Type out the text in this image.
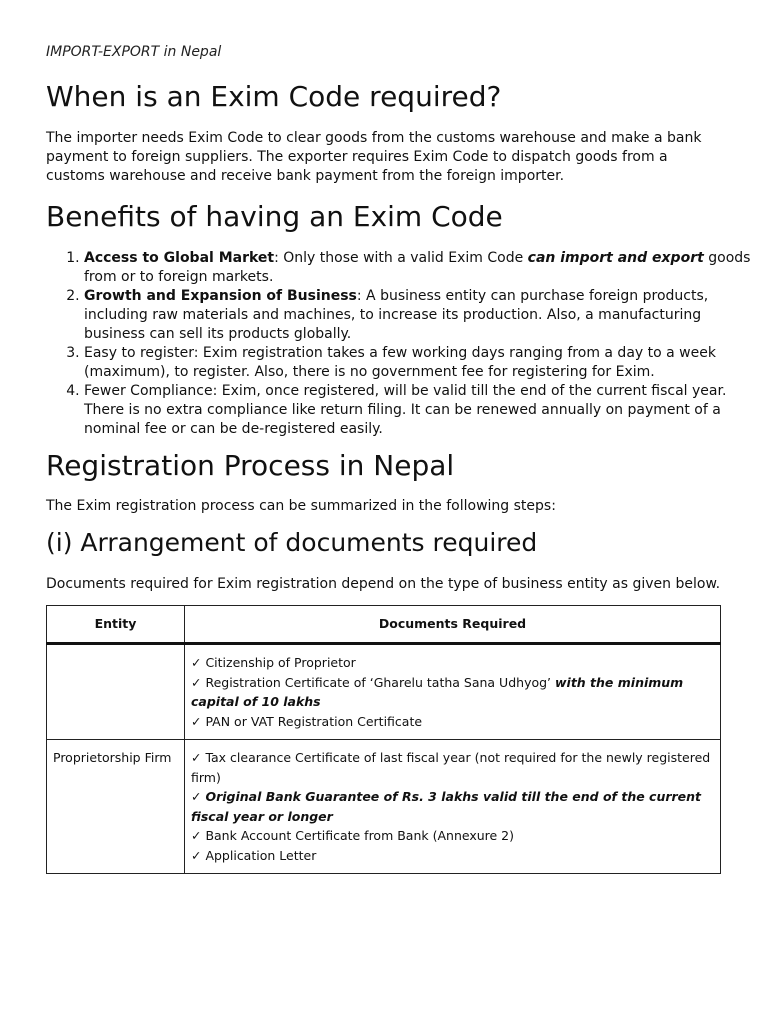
IMPORT-EXPORT in Nepal
When is an Exim Code required?

The importer needs Exim Code to clear goods from the customs warehouse and make a bank payment to foreign suppliers. The exporter requires Exim Code to dispatch goods from a customs warehouse and receive bank payment from the foreign importer.

Benefits of having an Exim Code
1. Access to Global Market: Only those with a valid Exim Code can import and export goods from or to foreign markets.
2. Growth and Expansion of Business: A business entity can purchase foreign products, including raw materials and machines, to increase its production. Also, a manufacturing business can sell its products globally.
3. Easy to register: Exim registration takes a few working days ranging from a day to a week (maximum), to register. Also, there is no government fee for registering for Exim.
4. Fewer Compliance: Exim, once registered, will be valid till the end of the current fiscal year. There is no extra compliance like return filing. It can be renewed annually on payment of a nominal fee or can be de-registered easily.
Registration Process in Nepal

The Exim registration process can be summarized in the following steps:

(i) Arrangement of documents required

Documents required for Exim registration depend on the type of business entity as given below.

Entity	Documents Required

	✓ Citizenship of Proprietor
✓ Registration Certificate of ‘Gharelu tatha Sana Udhyog’ with the minimum capital of 10 lakhs
✓ PAN or VAT Registration Certificate

Proprietorship Firm	✓ Tax clearance Certificate of last fiscal year (not required for the newly registered firm)
✓ Original Bank Guarantee of Rs. 3 lakhs valid till the end of the current fiscal year or longer
✓ Bank Account Certificate from Bank (Annexure 2)
✓ Application Letter
